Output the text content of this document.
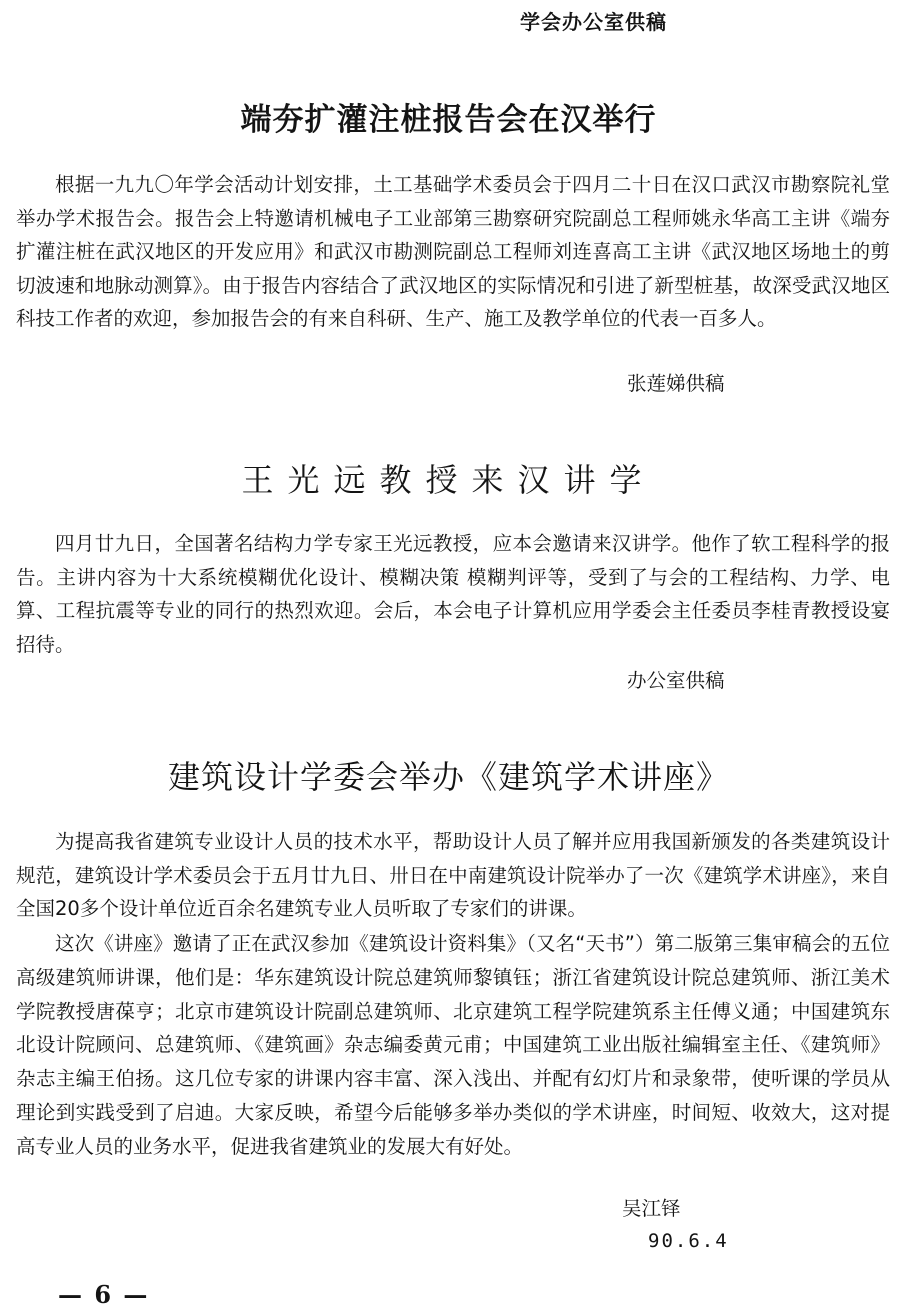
学会办公室供稿
端夯扩灌注桩报告会在汉举行

根据一九九〇年学会活动计划安排，土工基础学术委员会于四月二十日在汉口武汉市勘察院礼堂举办学术报告会。报告会上特邀请机械电子工业部第三勘察研究院副总工程师姚永华高工主讲《端夯扩灌注桩在武汉地区的开发应用》和武汉市勘测院副总工程师刘连喜高工主讲《武汉地区场地土的剪切波速和地脉动测算》。由于报告内容结合了武汉地区的实际情况和引进了新型桩基，故深受武汉地区科技工作者的欢迎，参加报告会的有来自科研、生产、施工及教学单位的代表一百多人。

张莲娣供稿
王光远教授来汉讲学

四月廿九日，全国著名结构力学专家王光远教授，应本会邀请来汉讲学。他作了软工程科学的报告。主讲内容为十大系统模糊优化设计、模糊决策 模糊判评等，受到了与会的工程结构、力学、电算、工程抗震等专业的同行的热烈欢迎。会后，本会电子计算机应用学委会主任委员李桂青教授设宴招待。

办公室供稿
建筑设计学委会举办《建筑学术讲座》

为提高我省建筑专业设计人员的技术水平，帮助设计人员了解并应用我国新颁发的各类建筑设计规范，建筑设计学术委员会于五月廿九日、卅日在中南建筑设计院举办了一次《建筑学术讲座》，来自全国20多个设计单位近百余名建筑专业人员听取了专家们的讲课。

这次《讲座》邀请了正在武汉参加《建筑设计资料集》（又名“天书”）第二版第三集审稿会的五位高级建筑师讲课，他们是：华东建筑设计院总建筑师黎镇钰；浙江省建筑设计院总建筑师、浙江美术学院教授唐葆亨；北京市建筑设计院副总建筑师、北京建筑工程学院建筑系主任傅义通；中国建筑东北设计院顾问、总建筑师、《建筑画》杂志编委黄元甫；中国建筑工业出版社编辑室主任、《建筑师》杂志主编王伯扬。这几位专家的讲课内容丰富、深入浅出、并配有幻灯片和录象带，使听课的学员从理论到实践受到了启迪。大家反映，希望今后能够多举办类似的学术讲座，时间短、收效大，这对提高专业人员的业务水平，促进我省建筑业的发展大有好处。

吴江铎
90.6.4
— 6 —
